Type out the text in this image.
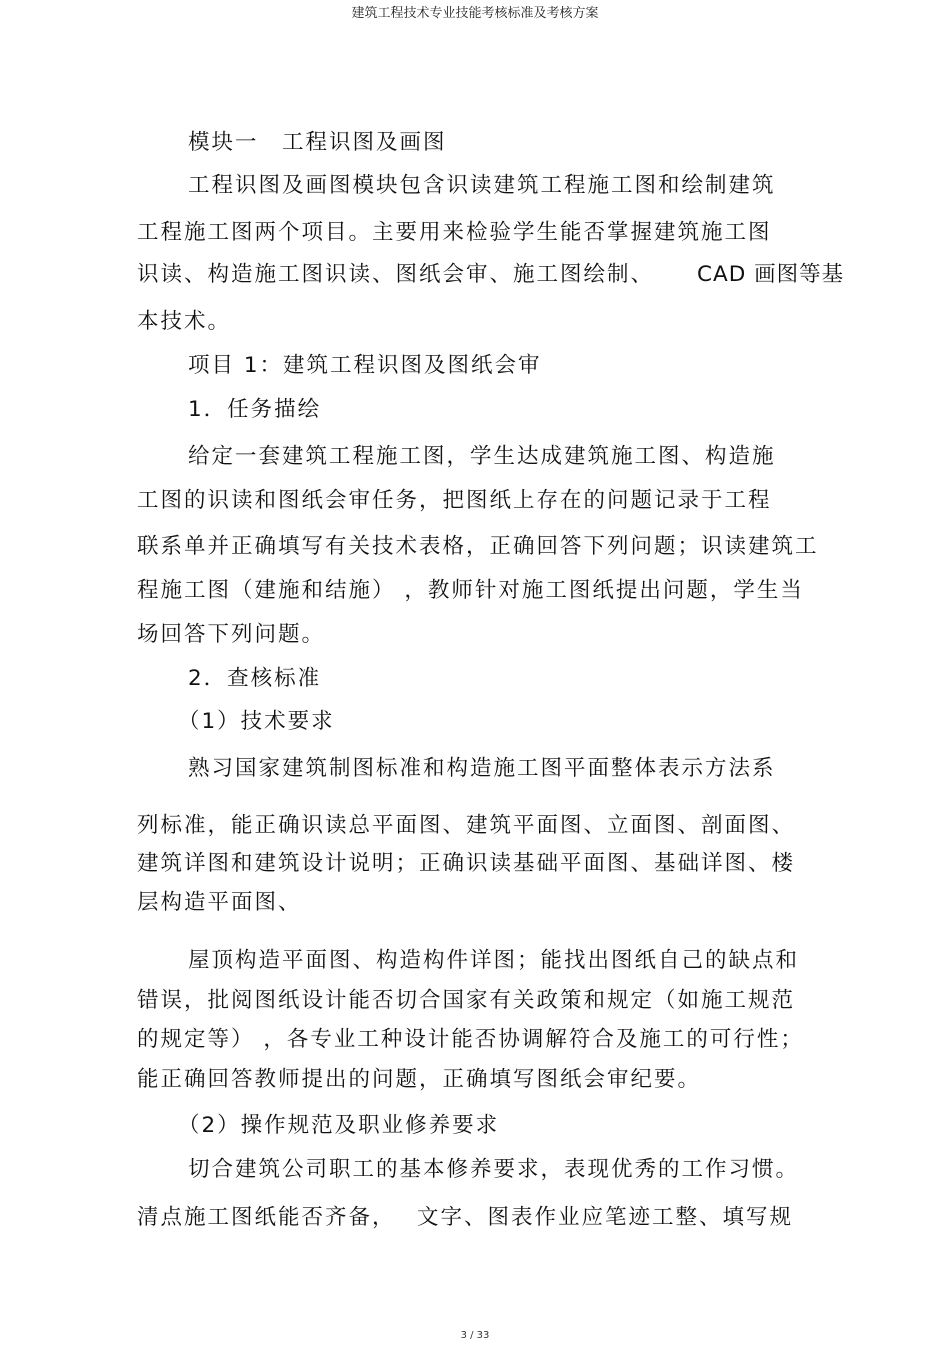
建筑工程技术专业技能考核标准及考核方案
模块一　工程识图及画图
工程识图及画图模块包含识读建筑工程施工图和绘制建筑
工程施工图两个项目。主要用来检验学生能否掌握建筑施工图
识读、构造施工图识读、图纸会审、施工图绘制、 CAD 画图等基
本技术。
项目 1：建筑工程识图及图纸会审
1．任务描绘
给定一套建筑工程施工图，学生达成建筑施工图、构造施
工图的识读和图纸会审任务，把图纸上存在的问题记录于工程
联系单并正确填写有关技术表格，正确回答下列问题；识读建筑工
程施工图（建施和结施） ，教师针对施工图纸提出问题，学生当
场回答下列问题。
2．查核标准
（1）技术要求
熟习国家建筑制图标准和构造施工图平面整体表示方法系
列标准，能正确识读总平面图、建筑平面图、立面图、剖面图、
建筑详图和建筑设计说明；正确识读基础平面图、基础详图、楼
层构造平面图、
屋顶构造平面图、构造构件详图；能找出图纸自己的缺点和
错误，批阅图纸设计能否切合国家有关政策和规定（如施工规范
的规定等） ，各专业工种设计能否协调解符合及施工的可行性；
能正确回答教师提出的问题，正确填写图纸会审纪要。
（2）操作规范及职业修养要求
切合建筑公司职工的基本修养要求，表现优秀的工作习惯。
清点施工图纸能否齐备， 文字、图表作业应笔迹工整、填写规
3 / 33
